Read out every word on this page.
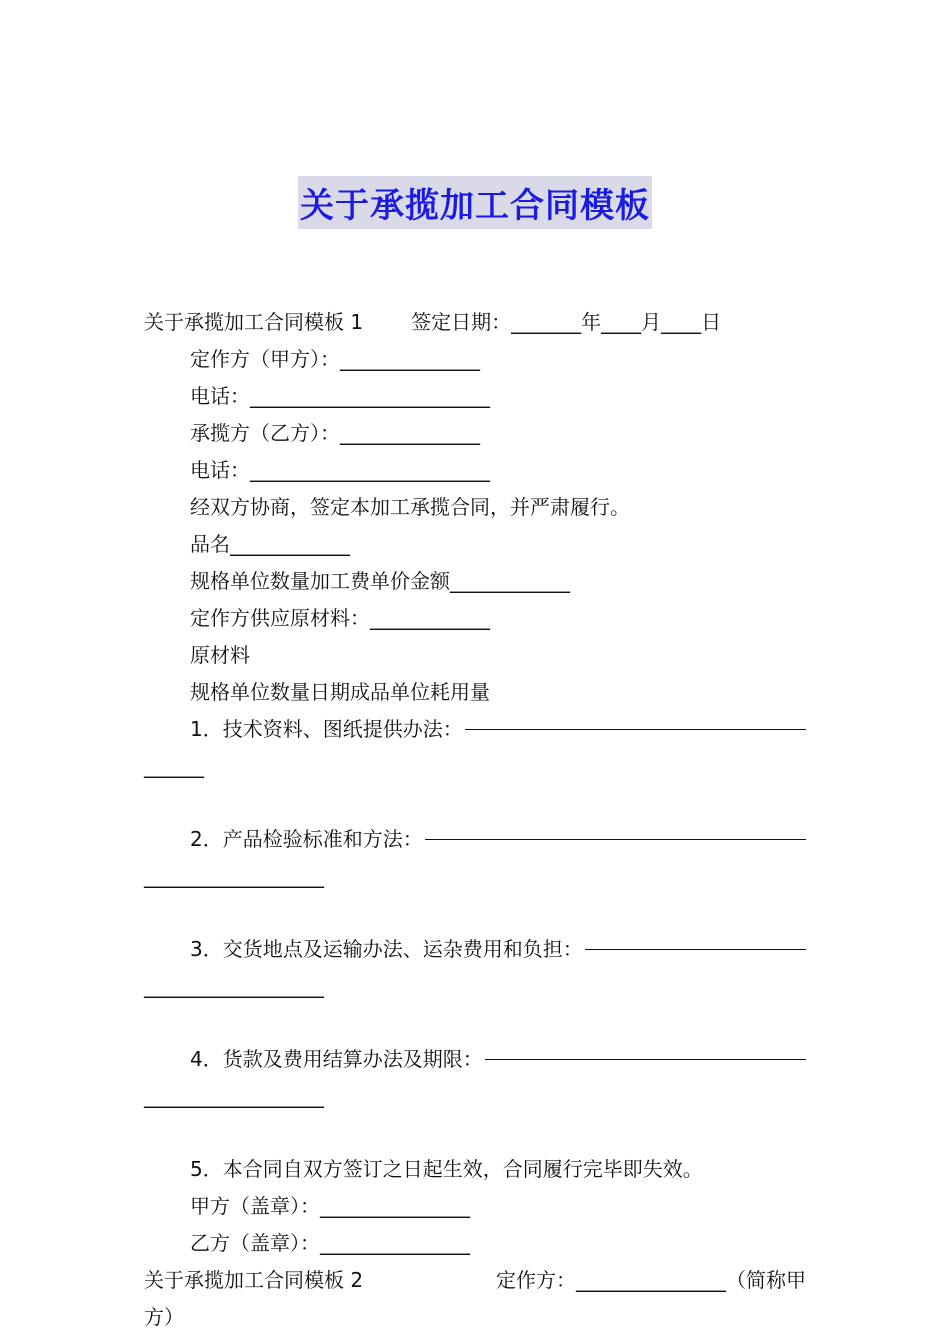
关于承揽加工合同模板
关于承揽加工合同模板 1 签定日期：_______年____月____日
定作方（甲方）：______________
电话：________________________
承揽方（乙方）：______________
电话：________________________
经双方协商，签定本加工承揽合同，并严肃履行。
品名____________
规格单位数量加工费单价金额____________
定作方供应原材料：____________
原材料
规格单位数量日期成品单位耗用量
1．技术资料、图纸提供办法：
______
2．产品检验标准和方法：
__________________
3．交货地点及运输办法、运杂费用和负担：
__________________
4．货款及费用结算办法及期限：
__________________
5．本合同自双方签订之日起生效，合同履行完毕即失效。
甲方（盖章）：_______________
乙方（盖章）：_______________
关于承揽加工合同模板 2	定作方：_______________（简称甲
方）
